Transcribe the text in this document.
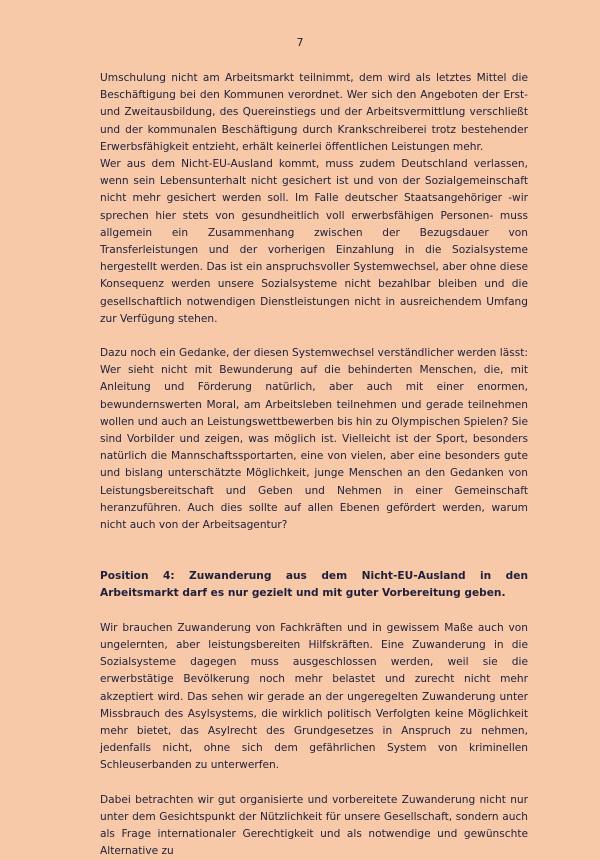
7

Umschulung nicht am Arbeitsmarkt teilnimmt, dem wird als letztes Mittel die Beschäftigung bei den Kommunen verordnet. Wer sich den Angeboten der Erst- und Zweitausbildung, des Quereinstiegs und der Arbeitsvermittlung verschließt und der kommunalen Beschäftigung durch Krankschreiberei trotz bestehender Erwerbsfähigkeit entzieht, erhält keinerlei öffentlichen Leistungen mehr.

Wer aus dem Nicht-EU-Ausland kommt, muss zudem Deutschland verlassen, wenn sein Lebensunterhalt nicht gesichert ist und von der Sozialgemeinschaft nicht mehr gesichert werden soll. Im Falle deutscher Staatsangehöriger -wir sprechen hier stets von gesundheitlich voll erwerbsfähigen Personen- muss allgemein ein Zusammenhang zwischen der Bezugsdauer von Transferleistungen und der vorherigen Einzahlung in die Sozialsysteme hergestellt werden. Das ist ein anspruchsvoller Systemwechsel, aber ohne diese Konsequenz werden unsere Sozialsysteme nicht bezahlbar bleiben und die gesellschaftlich notwendigen Dienstleistungen nicht in ausreichendem Umfang zur Verfügung stehen.

Dazu noch ein Gedanke, der diesen Systemwechsel verständlicher werden lässt: Wer sieht nicht mit Bewunderung auf die behinderten Menschen, die, mit Anleitung und Förderung natürlich, aber auch mit einer enormen, bewundernswerten Moral, am Arbeitsleben teilnehmen und gerade teilnehmen wollen und auch an Leistungswettbewerben bis hin zu Olympischen Spielen? Sie sind Vorbilder und zeigen, was möglich ist. Vielleicht ist der Sport, besonders natürlich die Mannschaftssportarten, eine von vielen, aber eine besonders gute und bislang unterschätzte Möglichkeit, junge Menschen an den Gedanken von Leistungsbereitschaft und Geben und Nehmen in einer Gemeinschaft heranzuführen. Auch dies sollte auf allen Ebenen gefördert werden, warum nicht auch von der Arbeitsagentur?

Position 4: Zuwanderung aus dem Nicht-EU-Ausland in den Arbeitsmarkt darf es nur gezielt und mit guter Vorbereitung geben.

Wir brauchen Zuwanderung von Fachkräften und in gewissem Maße auch von ungelernten, aber leistungsbereiten Hilfskräften. Eine Zuwanderung in die Sozialsysteme dagegen muss ausgeschlossen werden, weil sie die erwerbstätige Bevölkerung noch mehr belastet und zurecht nicht mehr akzeptiert wird. Das sehen wir gerade an der ungeregelten Zuwanderung unter Missbrauch des Asylsystems, die wirklich politisch Verfolgten keine Möglichkeit mehr bietet, das Asylrecht des Grundgesetzes in Anspruch zu nehmen, jedenfalls nicht, ohne sich dem gefährlichen System von kriminellen Schleuserbanden zu unterwerfen.

Dabei betrachten wir gut organisierte und vorbereitete Zuwanderung nicht nur unter dem Gesichtspunkt der Nützlichkeit für unsere Gesellschaft, sondern auch als Frage internationaler Gerechtigkeit und als notwendige und gewünschte Alternative zu
